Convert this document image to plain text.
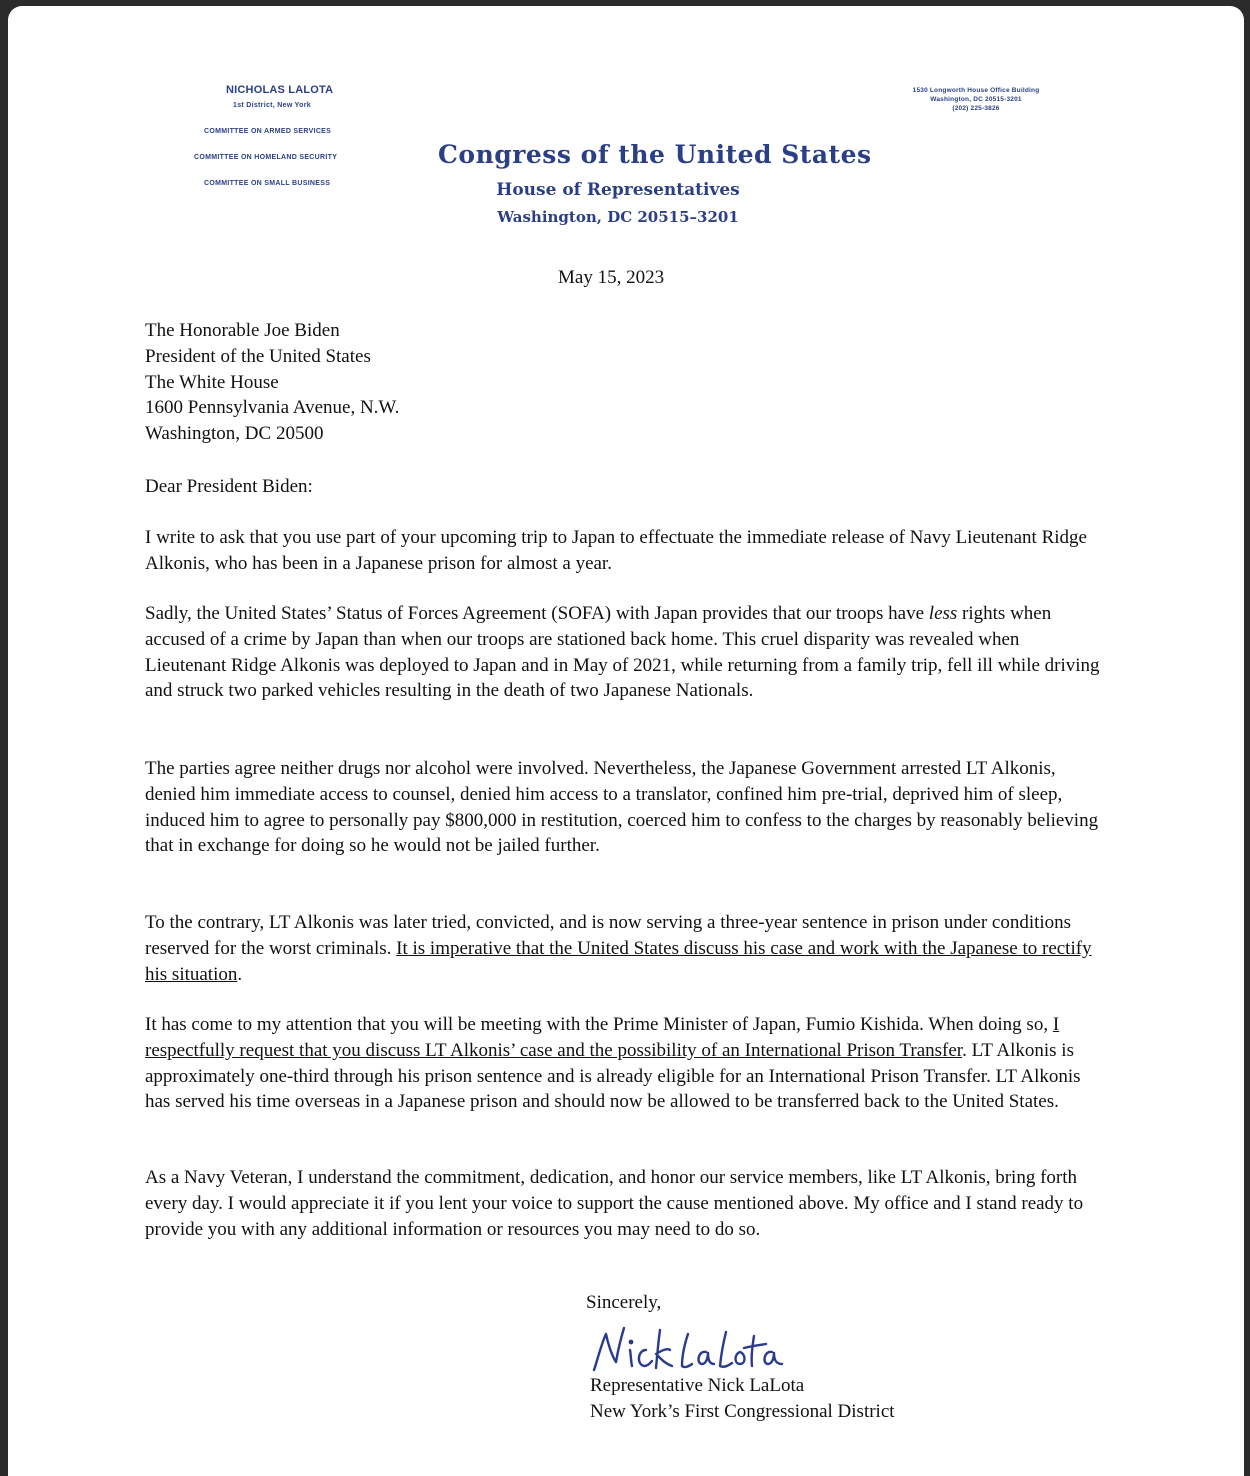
NICHOLAS LALOTA
1st District, New York
COMMITTEE ON ARMED SERVICES
COMMITTEE ON HOMELAND SECURITY
COMMITTEE ON SMALL BUSINESS
1530 Longworth House Office Building
Washington, DC 20515-3201
(202) 225-3826
Congress of the United States
House of Representatives
Washington, DC 20515–3201
May 15, 2023
The Honorable Joe Biden
President of the United States
The White House
1600 Pennsylvania Avenue, N.W.
Washington, DC 20500
Dear President Biden:

I write to ask that you use part of your upcoming trip to Japan to effectuate the immediate release of Navy Lieutenant Ridge Alkonis, who has been in a Japanese prison for almost a year.

Sadly, the United States’ Status of Forces Agreement (SOFA) with Japan provides that our troops have less rights when accused of a crime by Japan than when our troops are stationed back home. This cruel disparity was revealed when Lieutenant Ridge Alkonis was deployed to Japan and in May of 2021, while returning from a family trip, fell ill while driving and struck two parked vehicles resulting in the death of two Japanese Nationals.

The parties agree neither drugs nor alcohol were involved. Nevertheless, the Japanese Government arrested LT Alkonis, denied him immediate access to counsel, denied him access to a translator, confined him pre-trial, deprived him of sleep, induced him to agree to personally pay $800,000 in restitution, coerced him to confess to the charges by reasonably believing that in exchange for doing so he would not be jailed further.

To the contrary, LT Alkonis was later tried, convicted, and is now serving a three-year sentence in prison under conditions reserved for the worst criminals. It is imperative that the United States discuss his case and work with the Japanese to rectify his situation.

It has come to my attention that you will be meeting with the Prime Minister of Japan, Fumio Kishida. When doing so, I respectfully request that you discuss LT Alkonis’ case and the possibility of an International Prison Transfer. LT Alkonis is approximately one-third through his prison sentence and is already eligible for an International Prison Transfer. LT Alkonis has served his time overseas in a Japanese prison and should now be allowed to be transferred back to the United States.

As a Navy Veteran, I understand the commitment, dedication, and honor our service members, like LT Alkonis, bring forth every day. I would appreciate it if you lent your voice to support the cause mentioned above. My office and I stand ready to provide you with any additional information or resources you may need to do so.

Sincerely,
Representative Nick LaLota
New York’s First Congressional District
